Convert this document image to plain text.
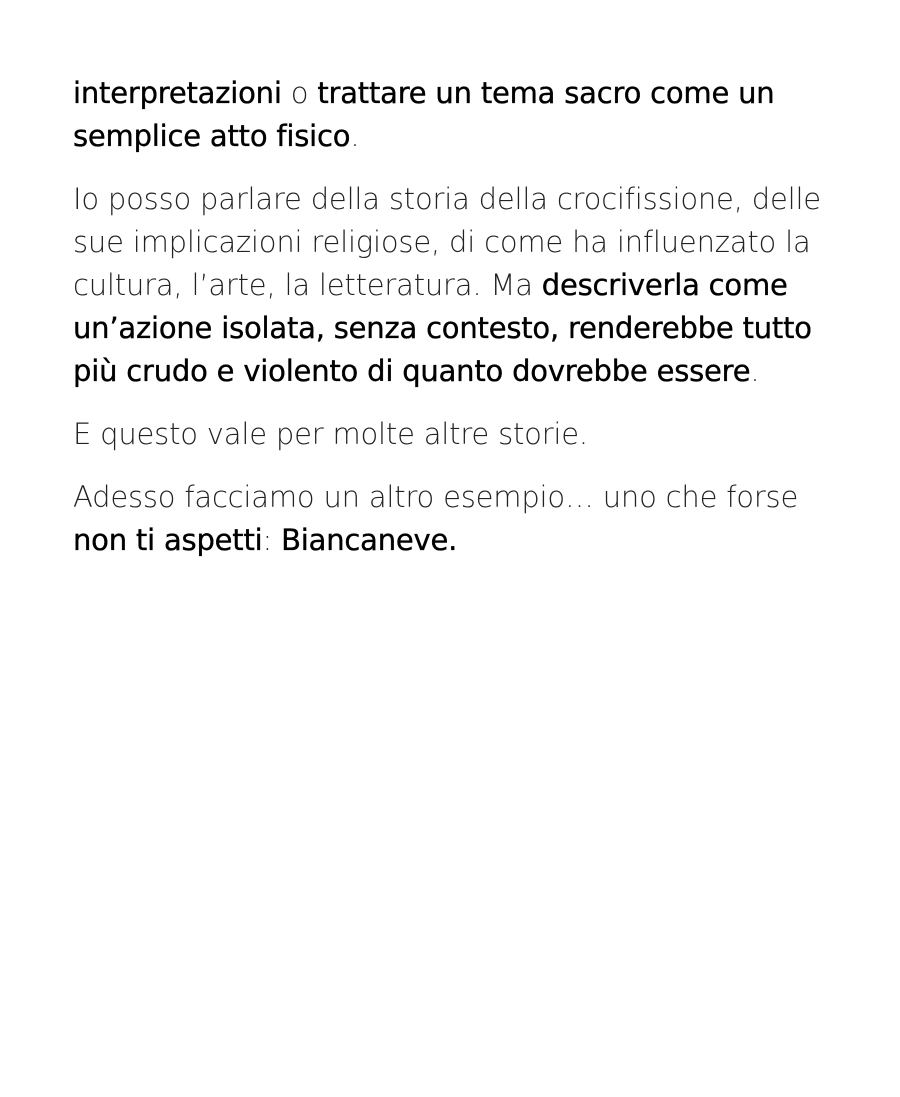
interpretazioni o trattare un tema sacro come un semplice atto fisico.

Io posso parlare della storia della crocifissione, delle sue implicazioni religiose, di come ha influenzato la cultura, l’arte, la letteratura. Ma descriverla come un’azione isolata, senza contesto, renderebbe tutto più crudo e violento di quanto dovrebbe essere.

E questo vale per molte altre storie.

Adesso facciamo un altro esempio… uno che forse non ti aspetti: Biancaneve.
